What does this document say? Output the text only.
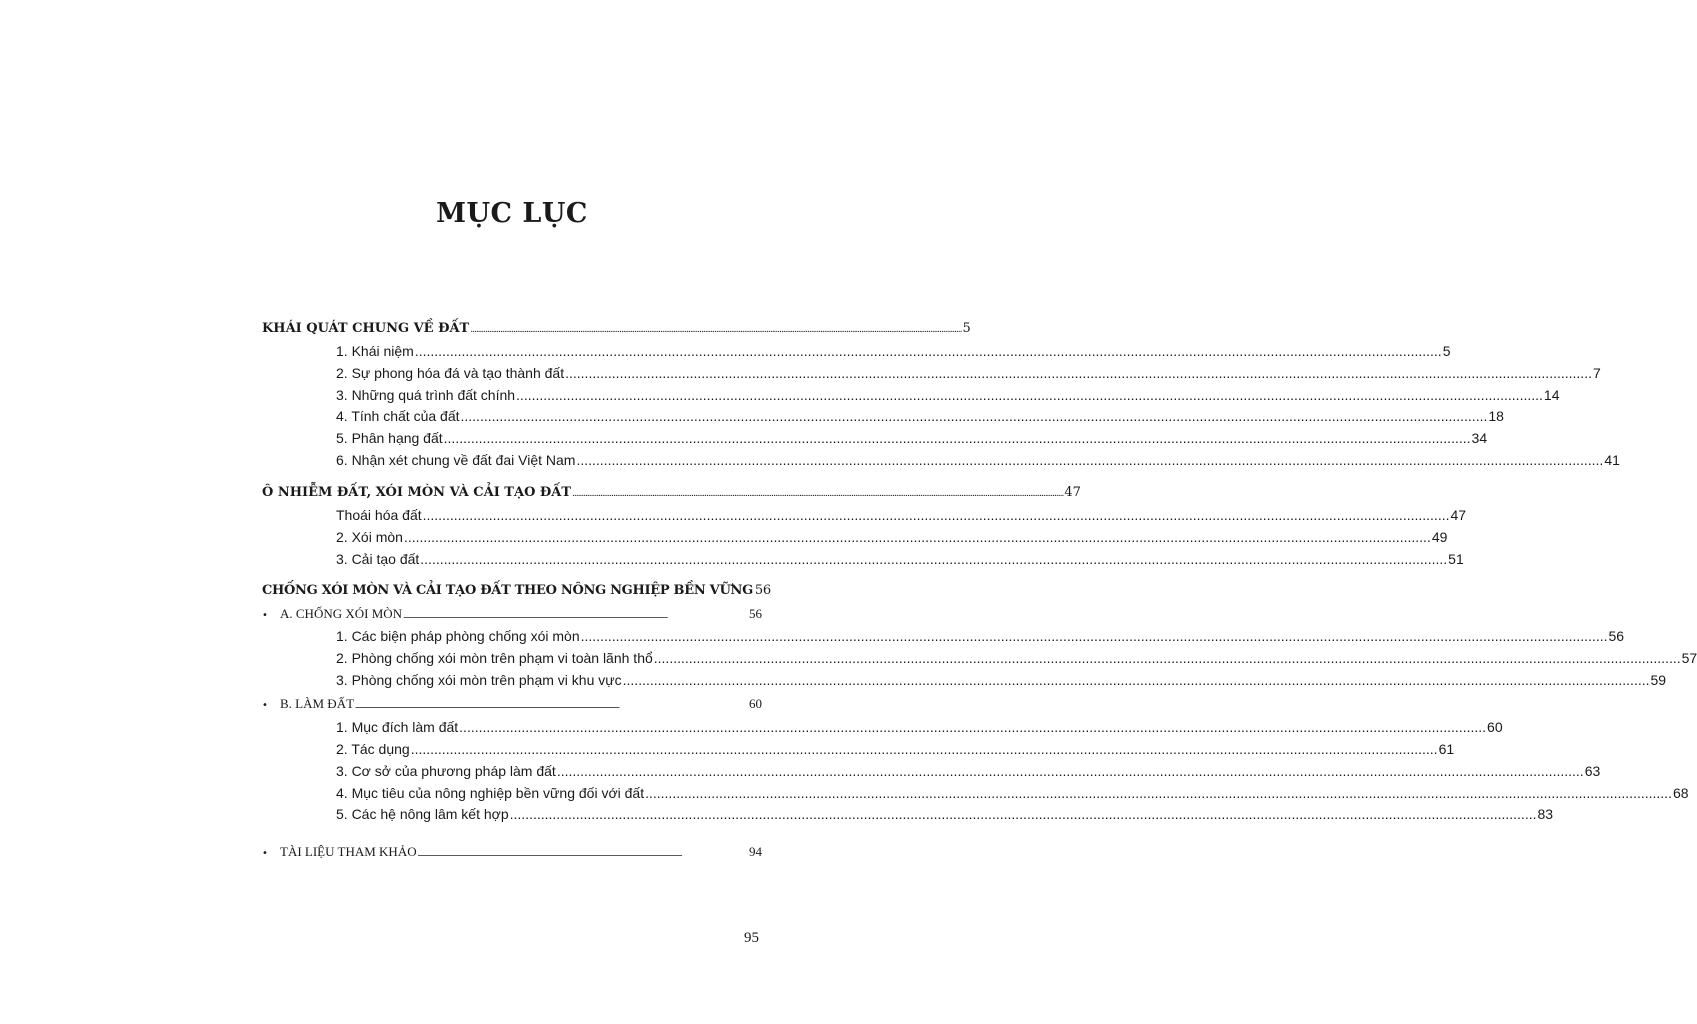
MỤC LỤC
KHÁI QUÁT CHUNG VỀ ĐẤT .....	5
1. Khái niệm .....	5
2. Sự phong hóa đá và tạo thành đất .....	7
3. Những quá trình đất chính .....	14
4. Tính chất của đất .....	18
5. Phân hạng đất .....	34
6. Nhận xét chung về đất đai Việt Nam .....	41
Ô NHIỄM ĐẤT, XÓI MÒN VÀ CẢI TẠO ĐẤT .....	47
Thoái hóa đất .....	47
2. Xói mòn .....	49
3. Cải tạo đất .....	51
CHỐNG XÓI MÒN VÀ CẢI TẠO ĐẤT THEO NÔNG NGHIỆP BỀN VỮNG 56
• A. CHỐNG XÓI MÒN .....	56
1. Các biện pháp phòng chống xói mòn .....	56
2. Phòng chống xói mòn trên phạm vi toàn lãnh thổ .....	57
3. Phòng chống xói mòn trên phạm vi khu vực .....	59
• B. LÀM ĐẤT .....	60
1. Mục đích làm đất .....	60
2. Tác dụng .....	61
3. Cơ sở của phương pháp làm đất .....	63
4. Mục tiêu của nông nghiệp bền vững đối với đất .....	68
5. Các hệ nông lâm kết hợp .....	83
• TÀI LIỆU THAM KHẢO .....	94
95
